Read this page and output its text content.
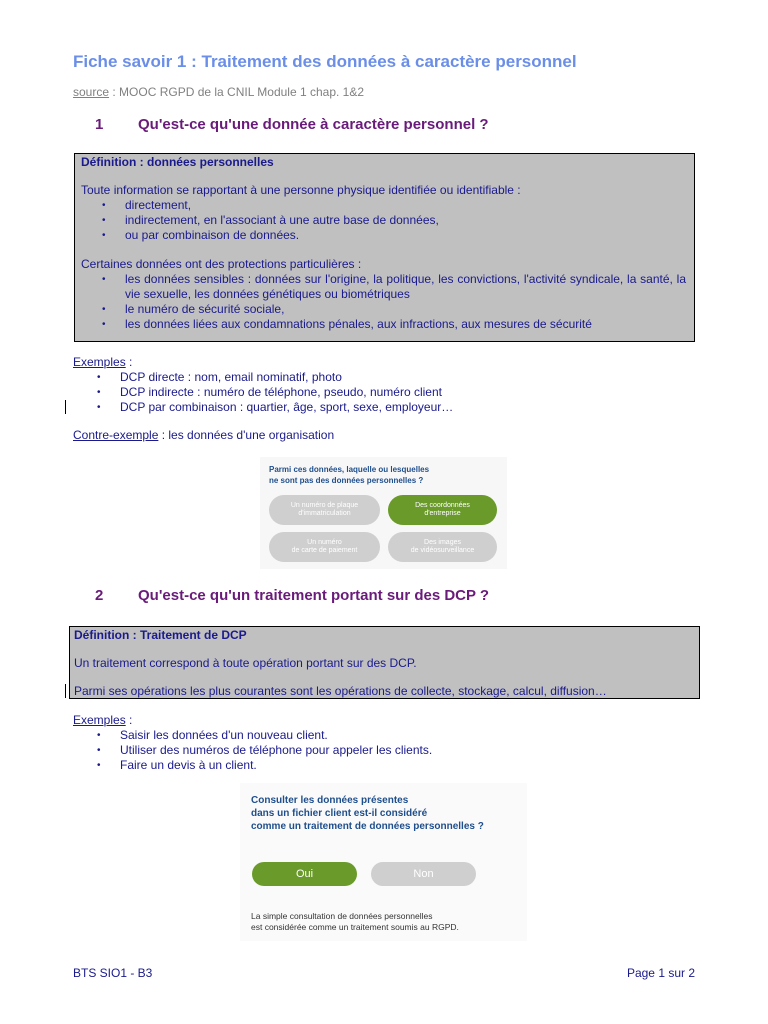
Fiche savoir 1 : Traitement des données à caractère personnel
source : MOOC RGPD de la CNIL Module 1 chap. 1&2
1 Qu'est-ce qu'une donnée à caractère personnel ?
Définition : données personnelles
Toute information se rapportant à une personne physique identifiée ou identifiable :
• directement,
• indirectement, en l'associant à une autre base de données,
• ou par combinaison de données.
Certaines données ont des protections particulières :
• les données sensibles : données sur l'origine, la politique, les convictions, l'activité syndicale, la santé, la vie sexuelle, les données génétiques ou biométriques
• le numéro de sécurité sociale,
• les données liées aux condamnations pénales, aux infractions, aux mesures de sécurité
Exemples :
• DCP directe : nom, email nominatif, photo
• DCP indirecte : numéro de téléphone, pseudo, numéro client
• DCP par combinaison : quartier, âge, sport, sexe, employeur…
Contre-exemple : les données d'une organisation
Parmi ces données, laquelle ou lesquelles
ne sont pas des données personnelles ?
Un numéro de plaque
d'immatriculation
Des coordonnées
d'entreprise
Un numéro
de carte de paiement
Des images
de vidéosurveillance
2 Qu'est-ce qu'un traitement portant sur des DCP ?
Définition : Traitement de DCP
Un traitement correspond à toute opération portant sur des DCP.
Parmi ses opérations les plus courantes sont les opérations de collecte, stockage, calcul, diffusion…
Exemples :
• Saisir les données d'un nouveau client.
• Utiliser des numéros de téléphone pour appeler les clients.
• Faire un devis à un client.
Consulter les données présentes
dans un fichier client est-il considéré
comme un traitement de données personnelles ?
Oui	Non
La simple consultation de données personnelles
est considérée comme un traitement soumis au RGPD.
BTS SIO1 - B3	Page 1 sur 2
